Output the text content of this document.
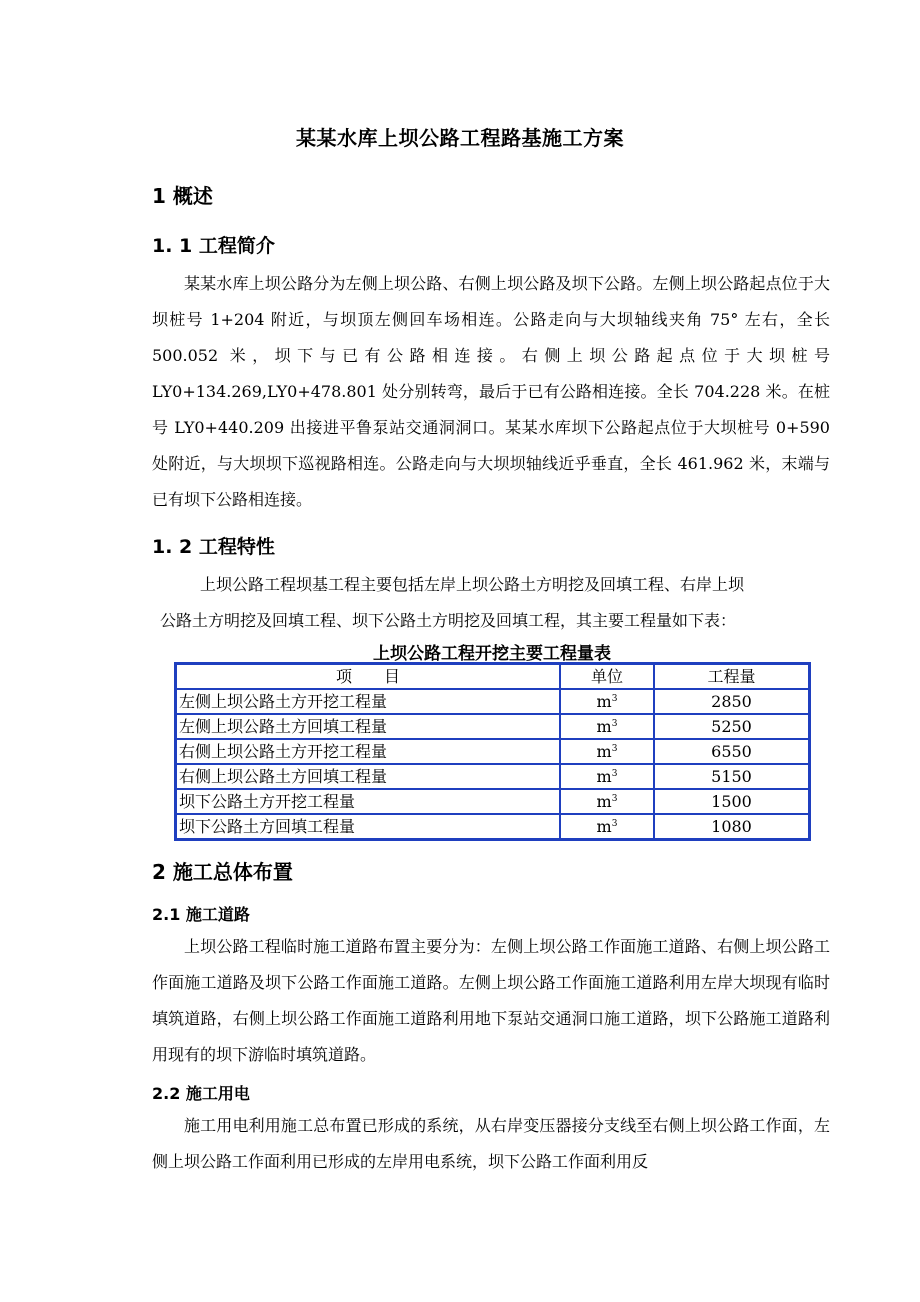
某某水库上坝公路工程路基施工方案
1 概述
1. 1 工程简介
某某水库上坝公路分为左侧上坝公路、右侧上坝公路及坝下公路。左侧上坝公路起点位于大坝桩号 1+204 附近，与坝顶左侧回车场相连。公路走向与大坝轴线夹角 75° 左右，全长 500.052 米，坝下与已有公路相连接。右侧上坝公路起点位于大坝桩号 LY0+134.269,LY0+478.801 处分别转弯，最后于已有公路相连接。全长 704.228 米。在桩号 LY0+440.209 出接进平鲁泵站交通洞洞口。某某水库坝下公路起点位于大坝桩号 0+590 处附近，与大坝坝下巡视路相连。公路走向与大坝坝轴线近乎垂直，全长 461.962 米，末端与已有坝下公路相连接。
1. 2 工程特性
上坝公路工程坝基工程主要包括左岸上坝公路土方明挖及回填工程、右岸上坝
公路土方明挖及回填工程、坝下公路土方明挖及回填工程，其主要工程量如下表：
上坝公路工程开挖主要工程量表
项　　目	单位	工程量
左侧上坝公路土方开挖工程量	$m^3$	2850
左侧上坝公路土方回填工程量	$m^3$	5250
右侧上坝公路土方开挖工程量	$m^3$	6550
右侧上坝公路土方回填工程量	$m^3$	5150
坝下公路土方开挖工程量	$m^3$	1500
坝下公路土方回填工程量	$m^3$	1080
2 施工总体布置
2.1 施工道路
上坝公路工程临时施工道路布置主要分为：左侧上坝公路工作面施工道路、右侧上坝公路工作面施工道路及坝下公路工作面施工道路。左侧上坝公路工作面施工道路利用左岸大坝现有临时填筑道路，右侧上坝公路工作面施工道路利用地下泵站交通洞口施工道路，坝下公路施工道路利用现有的坝下游临时填筑道路。
2.2 施工用电
施工用电利用施工总布置已形成的系统，从右岸变压器接分支线至右侧上坝公路工作面，左侧上坝公路工作面利用已形成的左岸用电系统，坝下公路工作面利用反
